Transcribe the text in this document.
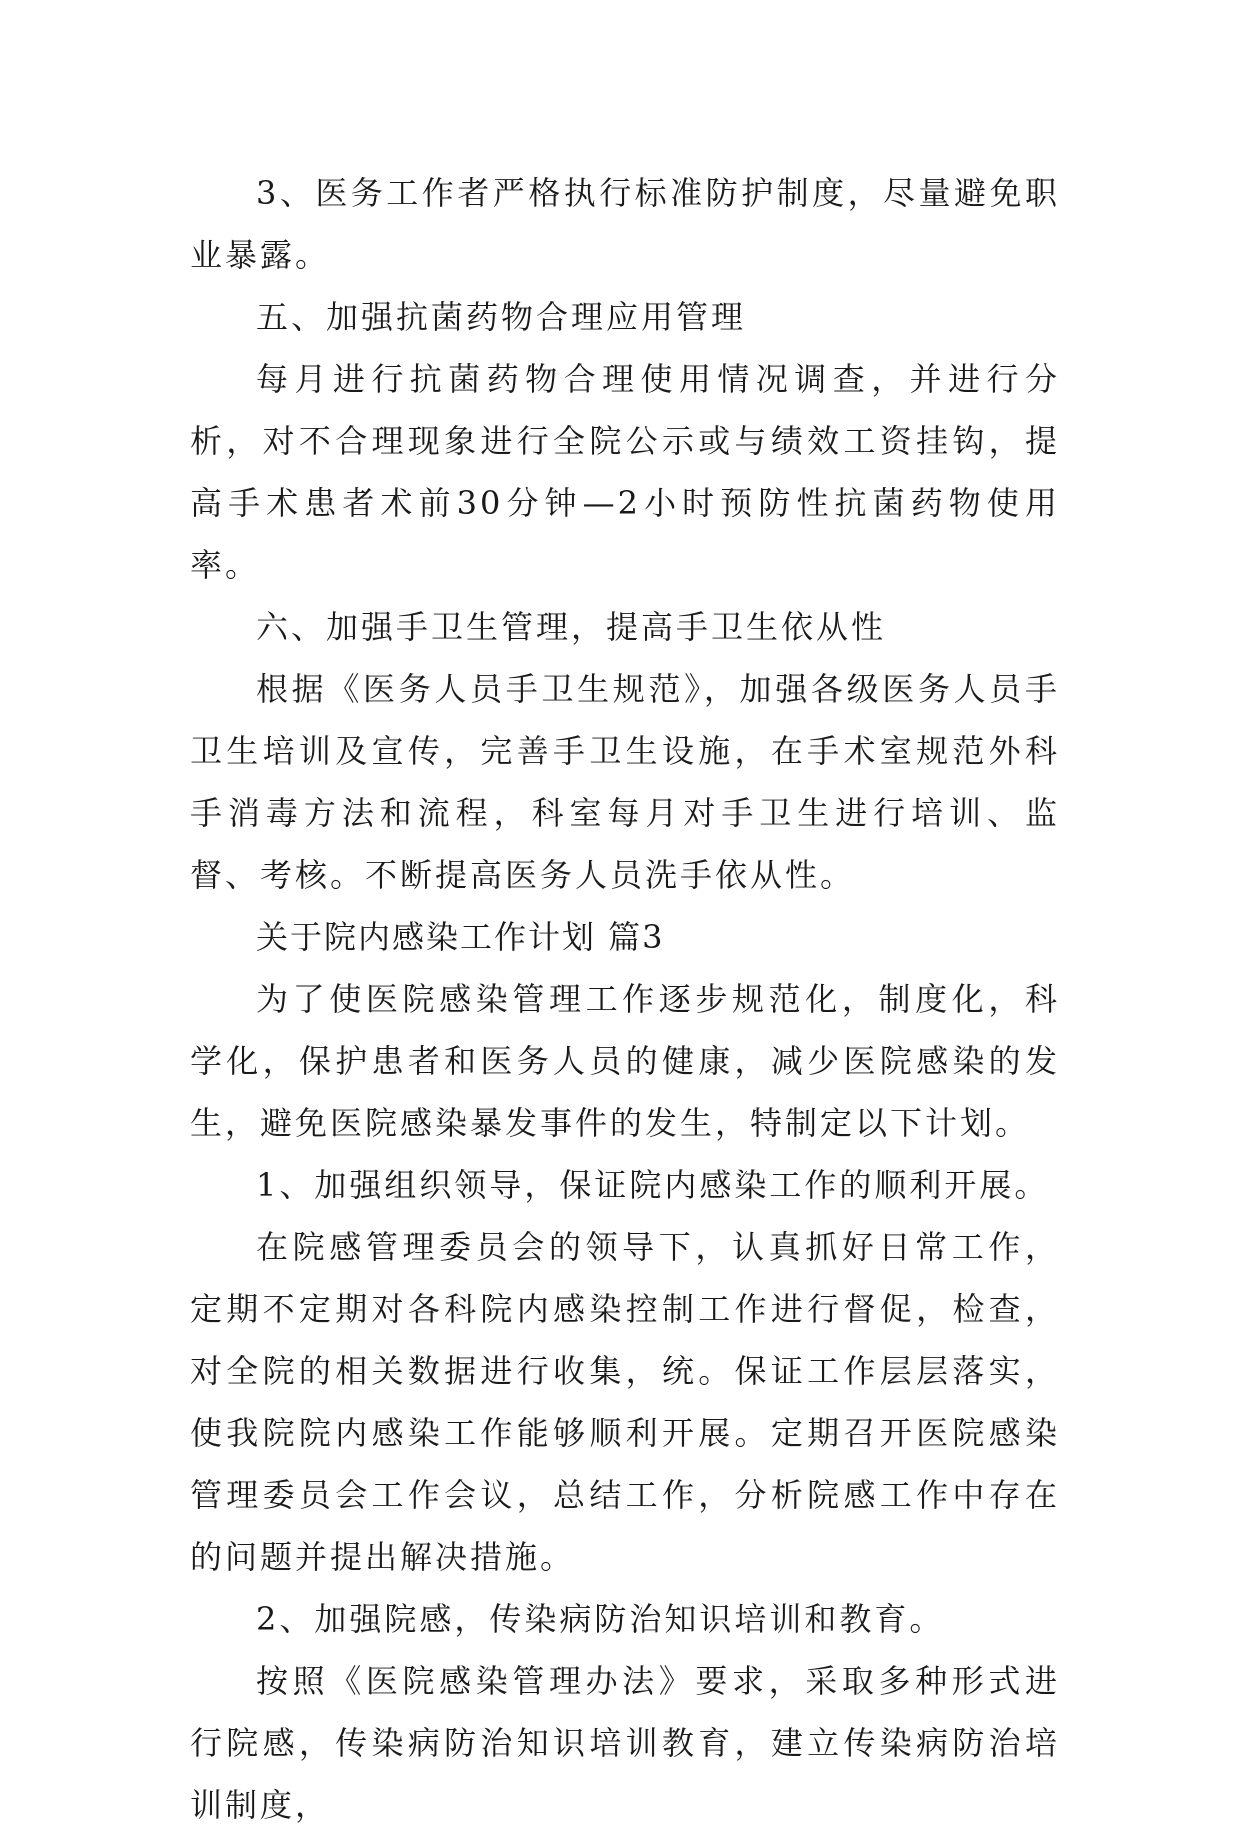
3、医务工作者严格执行标准防护制度，尽量避免职业暴露。

五、加强抗菌药物合理应用管理

每月进行抗菌药物合理使用情况调查，并进行分析，对不合理现象进行全院公示或与绩效工资挂钩，提高手术患者术前30分钟—2小时预防性抗菌药物使用率。

六、加强手卫生管理，提高手卫生依从性

根据《医务人员手卫生规范》，加强各级医务人员手卫生培训及宣传，完善手卫生设施，在手术室规范外科手消毒方法和流程，科室每月对手卫生进行培训、监督、考核。不断提高医务人员洗手依从性。

关于院内感染工作计划 篇3

为了使医院感染管理工作逐步规范化，制度化，科学化，保护患者和医务人员的健康，减少医院感染的发生，避免医院感染暴发事件的发生，特制定以下计划。

1、加强组织领导，保证院内感染工作的顺利开展。

在院感管理委员会的领导下，认真抓好日常工作，定期不定期对各科院内感染控制工作进行督促，检查，对全院的相关数据进行收集，统。保证工作层层落实，使我院院内感染工作能够顺利开展。定期召开医院感染管理委员会工作会议，总结工作，分析院感工作中存在的问题并提出解决措施。

2、加强院感，传染病防治知识培训和教育。

按照《医院感染管理办法》要求，采取多种形式进行院感，传染病防治知识培训教育，建立传染病防治培训制度，
